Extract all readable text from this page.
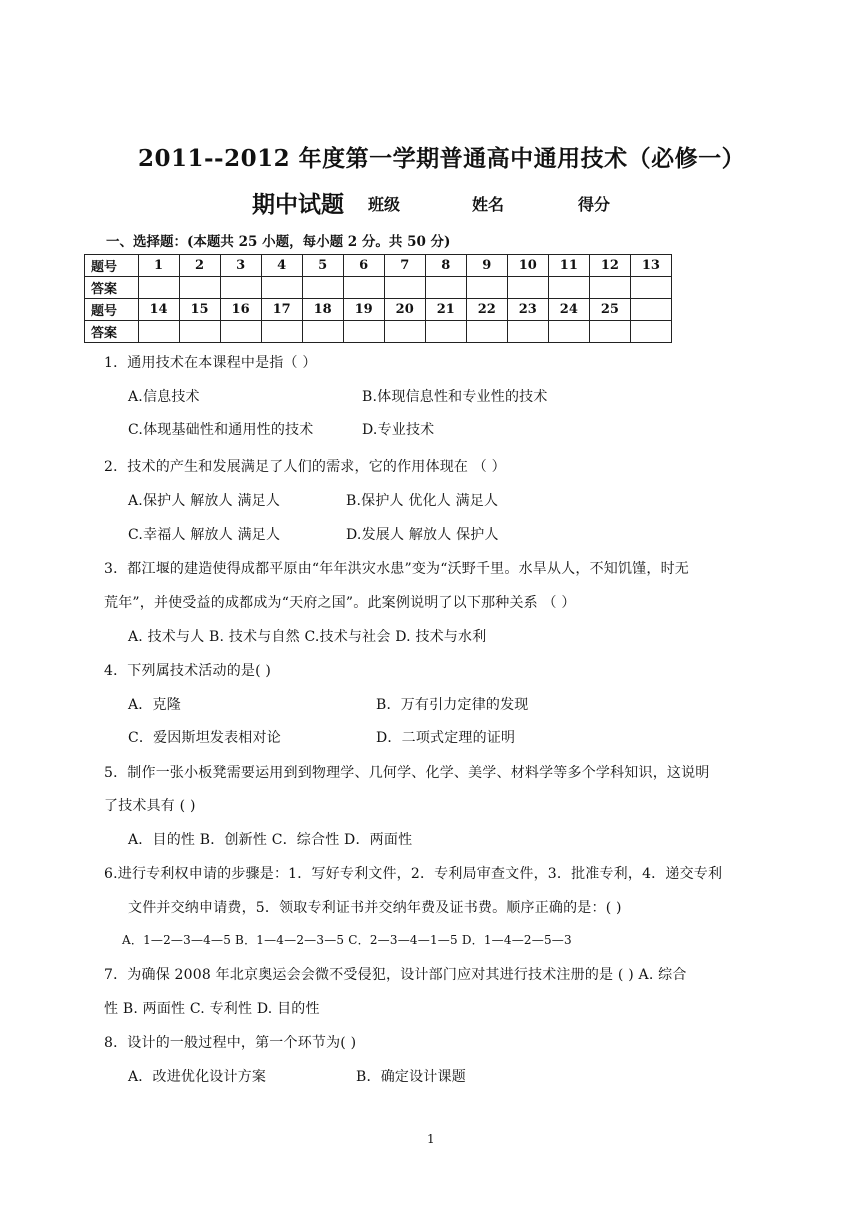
2011--2012 年度第一学期普通高中通用技术（必修一）
期中试题 班级	姓名	得分
一、选择题：(本题共 25 小题，每小题 2 分。共 50 分)
题号	1	2	3	4	5	6	7	8	9	10	11	12	13
答案													
题号	14	15	16	17	18	19	20	21	22	23	24	25	
答案													
1．通用技术在本课程中是指（ ）
A.信息技术	B.体现信息性和专业性的技术
C.体现基础性和通用性的技术	D.专业技术
2．技术的产生和发展满足了人们的需求，它的作用体现在 （ ）
A.保护人 解放人 满足人	B.保护人 优化人 满足人
C.幸福人 解放人 满足人	D.发展人 解放人 保护人
3．都江堰的建造使得成都平原由“年年洪灾水患”变为“沃野千里。水旱从人，不知饥馑，时无
荒年”，并使受益的成都成为“天府之国”。此案例说明了以下那种关系 （ ）
A. 技术与人 B. 技术与自然 C.技术与社会 D. 技术与水利
4．下列属技术活动的是( )
A．克隆	B．万有引力定律的发现
C．爱因斯坦发表相对论	D．二项式定理的证明
5．制作一张小板凳需要运用到到物理学、几何学、化学、美学、材料学等多个学科知识，这说明
了技术具有 ( )
A．目的性 B．创新性 C．综合性 D．两面性
6.进行专利权申请的步骤是：1．写好专利文件，2．专利局审查文件，3．批准专利，4．递交专利
文件并交纳申请费，5．领取专利证书并交纳年费及证书费。顺序正确的是：( )
A．1—2—3—4—5 B．1—4—2—3—5 C．2—3—4—1—5 D．1—4—2—5—3
7．为确保 2008 年北京奥运会会微不受侵犯，设计部门应对其进行技术注册的是 ( ) A. 综合
性 B. 两面性 C. 专利性 D. 目的性
8．设计的一般过程中，第一个环节为( )
A．改进优化设计方案	B．确定设计课题
1
